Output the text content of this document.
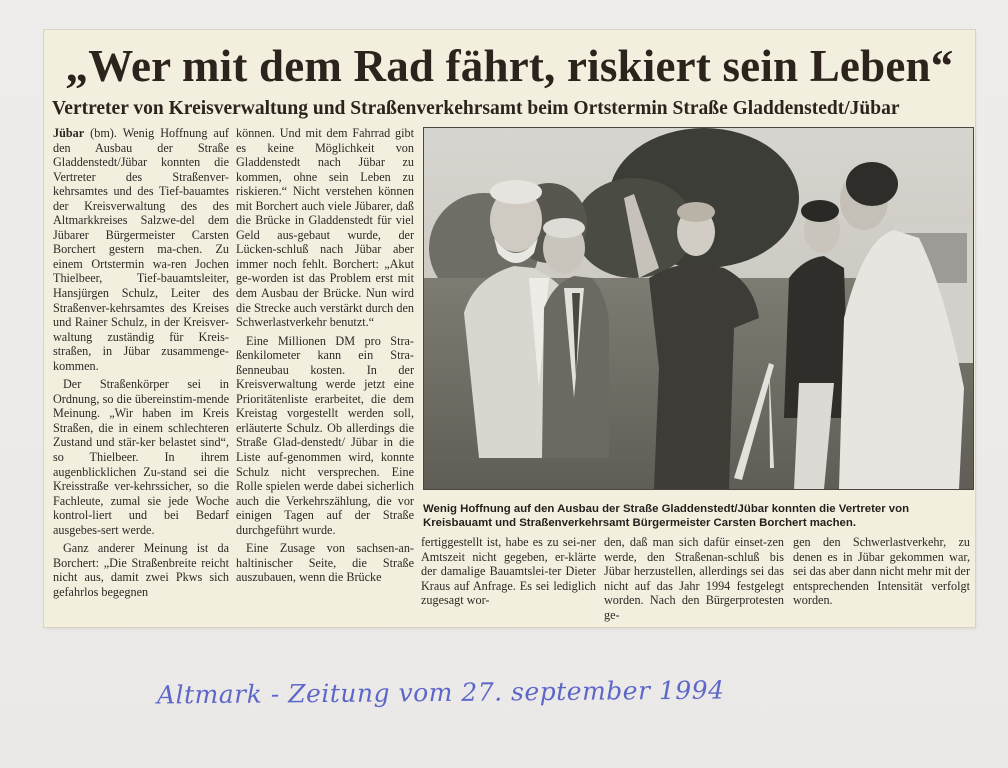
„Wer mit dem Rad fährt, riskiert sein Leben“
Vertreter von Kreisverwaltung und Straßenverkehrsamt beim Ortstermin Straße Gladdenstedt/Jübar

Jübar (bm). Wenig Hoffnung auf den Ausbau der Straße Gladdenstedt/Jübar konnten die Vertreter des Straßenver-kehrsamtes und des Tief-bauamtes der Kreisverwaltung des des Altmarkkreises Salzwe-del dem Jübarer Bürgermeister Carsten Borchert gestern ma-chen. Zu einem Ortstermin wa-ren Jochen Thielbeer, Tief-bauamtsleiter, Hansjürgen Schulz, Leiter des Straßenver-kehrsamtes des Kreises und Rainer Schulz, in der Kreisver-waltung zuständig für Kreis-straßen, in Jübar zusammenge-kommen.

Der Straßenkörper sei in Ordnung, so die übereinstim-mende Meinung. „Wir haben im Kreis Straßen, die in einem schlechteren Zustand und stär-ker belastet sind“, so Thielbeer. In ihrem augenblicklichen Zu-stand sei die Kreisstraße ver-kehrssicher, so die Fachleute, zumal sie jede Woche kontrol-liert und bei Bedarf ausgebes-sert werde.

Ganz anderer Meinung ist da Borchert: „Die Straßenbreite reicht nicht aus, damit zwei Pkws sich gefahrlos begegnen

können. Und mit dem Fahrrad gibt es keine Möglichkeit von Gladdenstedt nach Jübar zu kommen, ohne sein Leben zu riskieren.“ Nicht verstehen können mit Borchert auch viele Jübarer, daß die Brücke in Gladdenstedt für viel Geld aus-gebaut wurde, der Lücken-schluß nach Jübar aber immer noch fehlt. Borchert: „Akut ge-worden ist das Problem erst mit dem Ausbau der Brücke. Nun wird die Strecke auch verstärkt durch den Schwerlastverkehr benutzt.“

Eine Millionen DM pro Stra-ßenkilometer kann ein Stra-ßenneubau kosten. In der Kreisverwaltung werde jetzt eine Prioritätenliste erarbeitet, die dem Kreistag vorgestellt werden soll, erläuterte Schulz. Ob allerdings die Straße Glad-denstedt/ Jübar in die Liste auf-genommen wird, konnte Schulz nicht versprechen. Eine Rolle spielen werde dabei sicherlich auch die Verkehrszählung, die vor einigen Tagen auf der Straße durchgeführt wurde.

Eine Zusage von sachsen-an-haltinischer Seite, die Straße auszubauen, wenn die Brücke

Wenig Hoffnung auf den Ausbau der Straße Gladdenstedt/Jübar konnten die Vertreter von Kreisbauamt und Straßenverkehrsamt Bürgermeister Carsten Borchert machen.

fertiggestellt ist, habe es zu sei-ner Amtszeit nicht gegeben, er-klärte der damalige Bauamtslei-ter Dieter Kraus auf Anfrage. Es sei lediglich zugesagt wor-

den, daß man sich dafür einset-zen werde, den Straßenan-schluß bis Jübar herzustellen, allerdings sei das nicht auf das Jahr 1994 festgelegt worden. Nach den Bürgerprotesten ge-

gen den Schwerlastverkehr, zu denen es in Jübar gekommen war, sei das aber dann nicht mehr mit der entsprechenden Intensität verfolgt worden.

Altmark - Zeitung vom 27. september 1994
